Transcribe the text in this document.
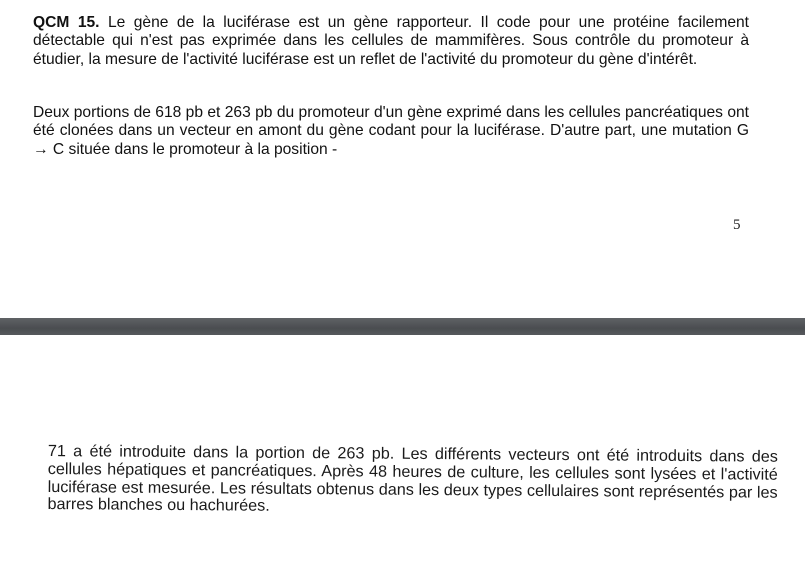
QCM 15. Le gène de la luciférase est un gène rapporteur. Il code pour une protéine facilement détectable qui n'est pas exprimée dans les cellules de mammifères. Sous contrôle du promoteur à étudier, la mesure de l'activité luciférase est un reflet de l'activité du promoteur du gène d'intérêt.

Deux portions de 618 pb et 263 pb du promoteur d'un gène exprimé dans les cellules pancréatiques ont été clonées dans un vecteur en amont du gène codant pour la luciférase. D'autre part, une mutation G → C située dans le promoteur à la position -

5

71 a été introduite dans la portion de 263 pb. Les différents vecteurs ont été introduits dans des cellules hépatiques et pancréatiques. Après 48 heures de culture, les cellules sont lysées et l'activité luciférase est mesurée. Les résultats obtenus dans les deux types cellulaires sont représentés par les barres blanches ou hachurées.
